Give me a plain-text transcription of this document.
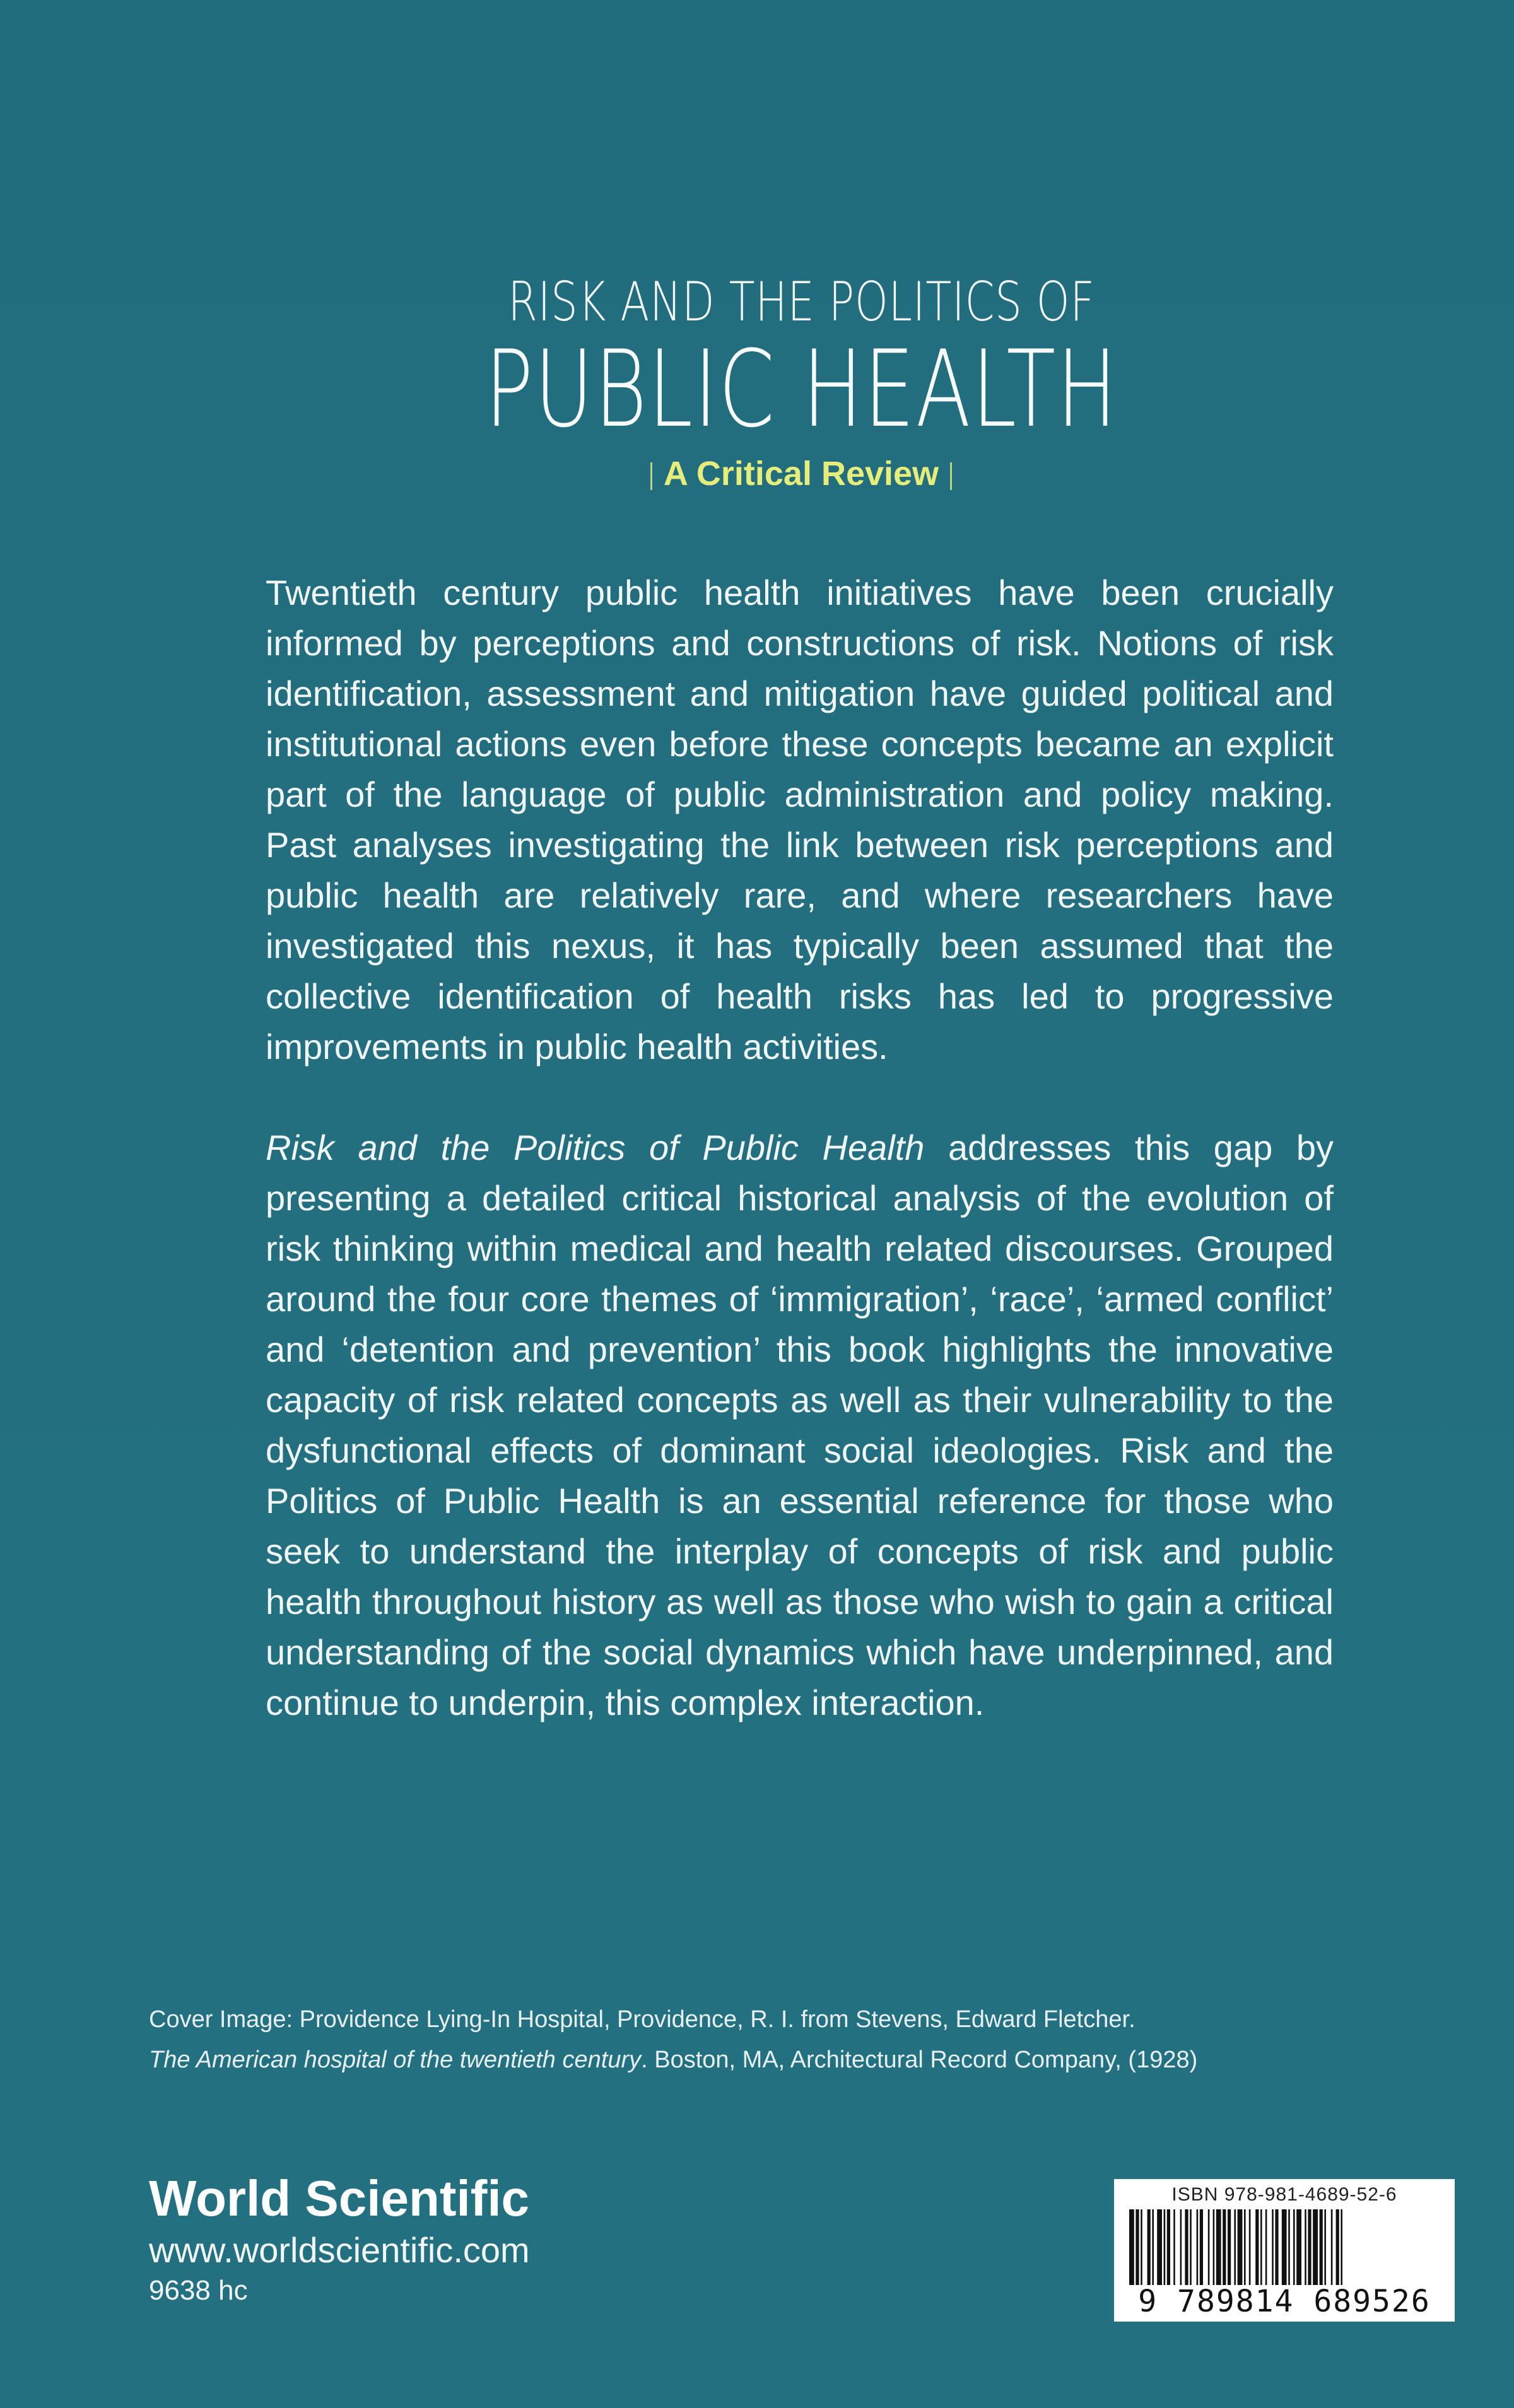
RISK AND THE POLITICS OF
PUBLIC HEALTH
A Critical Review

Twentieth century public health initiatives have been crucially informed by perceptions and constructions of risk. Notions of risk identification, assessment and mitigation have guided political and institutional actions even before these concepts became an explicit part of the language of public administration and policy making. Past analyses investigating the link between risk perceptions and public health are relatively rare, and where researchers have investigated this nexus, it has typically been assumed that the collective identification of health risks has led to progressive improvements in public health activities.

Risk and the Politics of Public Health addresses this gap by presenting a detailed critical historical analysis of the evolution of risk thinking within medical and health related discourses. Grouped around the four core themes of ‘immigration’, ‘race’, ‘armed conflict’ and ‘detention and prevention’ this book highlights the innovative capacity of risk related concepts as well as their vulnerability to the dysfunctional effects of dominant social ideologies. Risk and the Politics of Public Health is an essential reference for those who seek to understand the interplay of concepts of risk and public health throughout history as well as those who wish to gain a critical understanding of the social dynamics which have underpinned, and continue to underpin, this complex interaction.

Cover Image: Providence Lying-In Hospital, Providence, R. I. from Stevens, Edward Fletcher.
The American hospital of the twentieth century. Boston, MA, Architectural Record Company, (1928)
World Scientific
www.worldscientific.com
9638 hc
ISBN 978-981-4689-52-6
9 789814 689526
